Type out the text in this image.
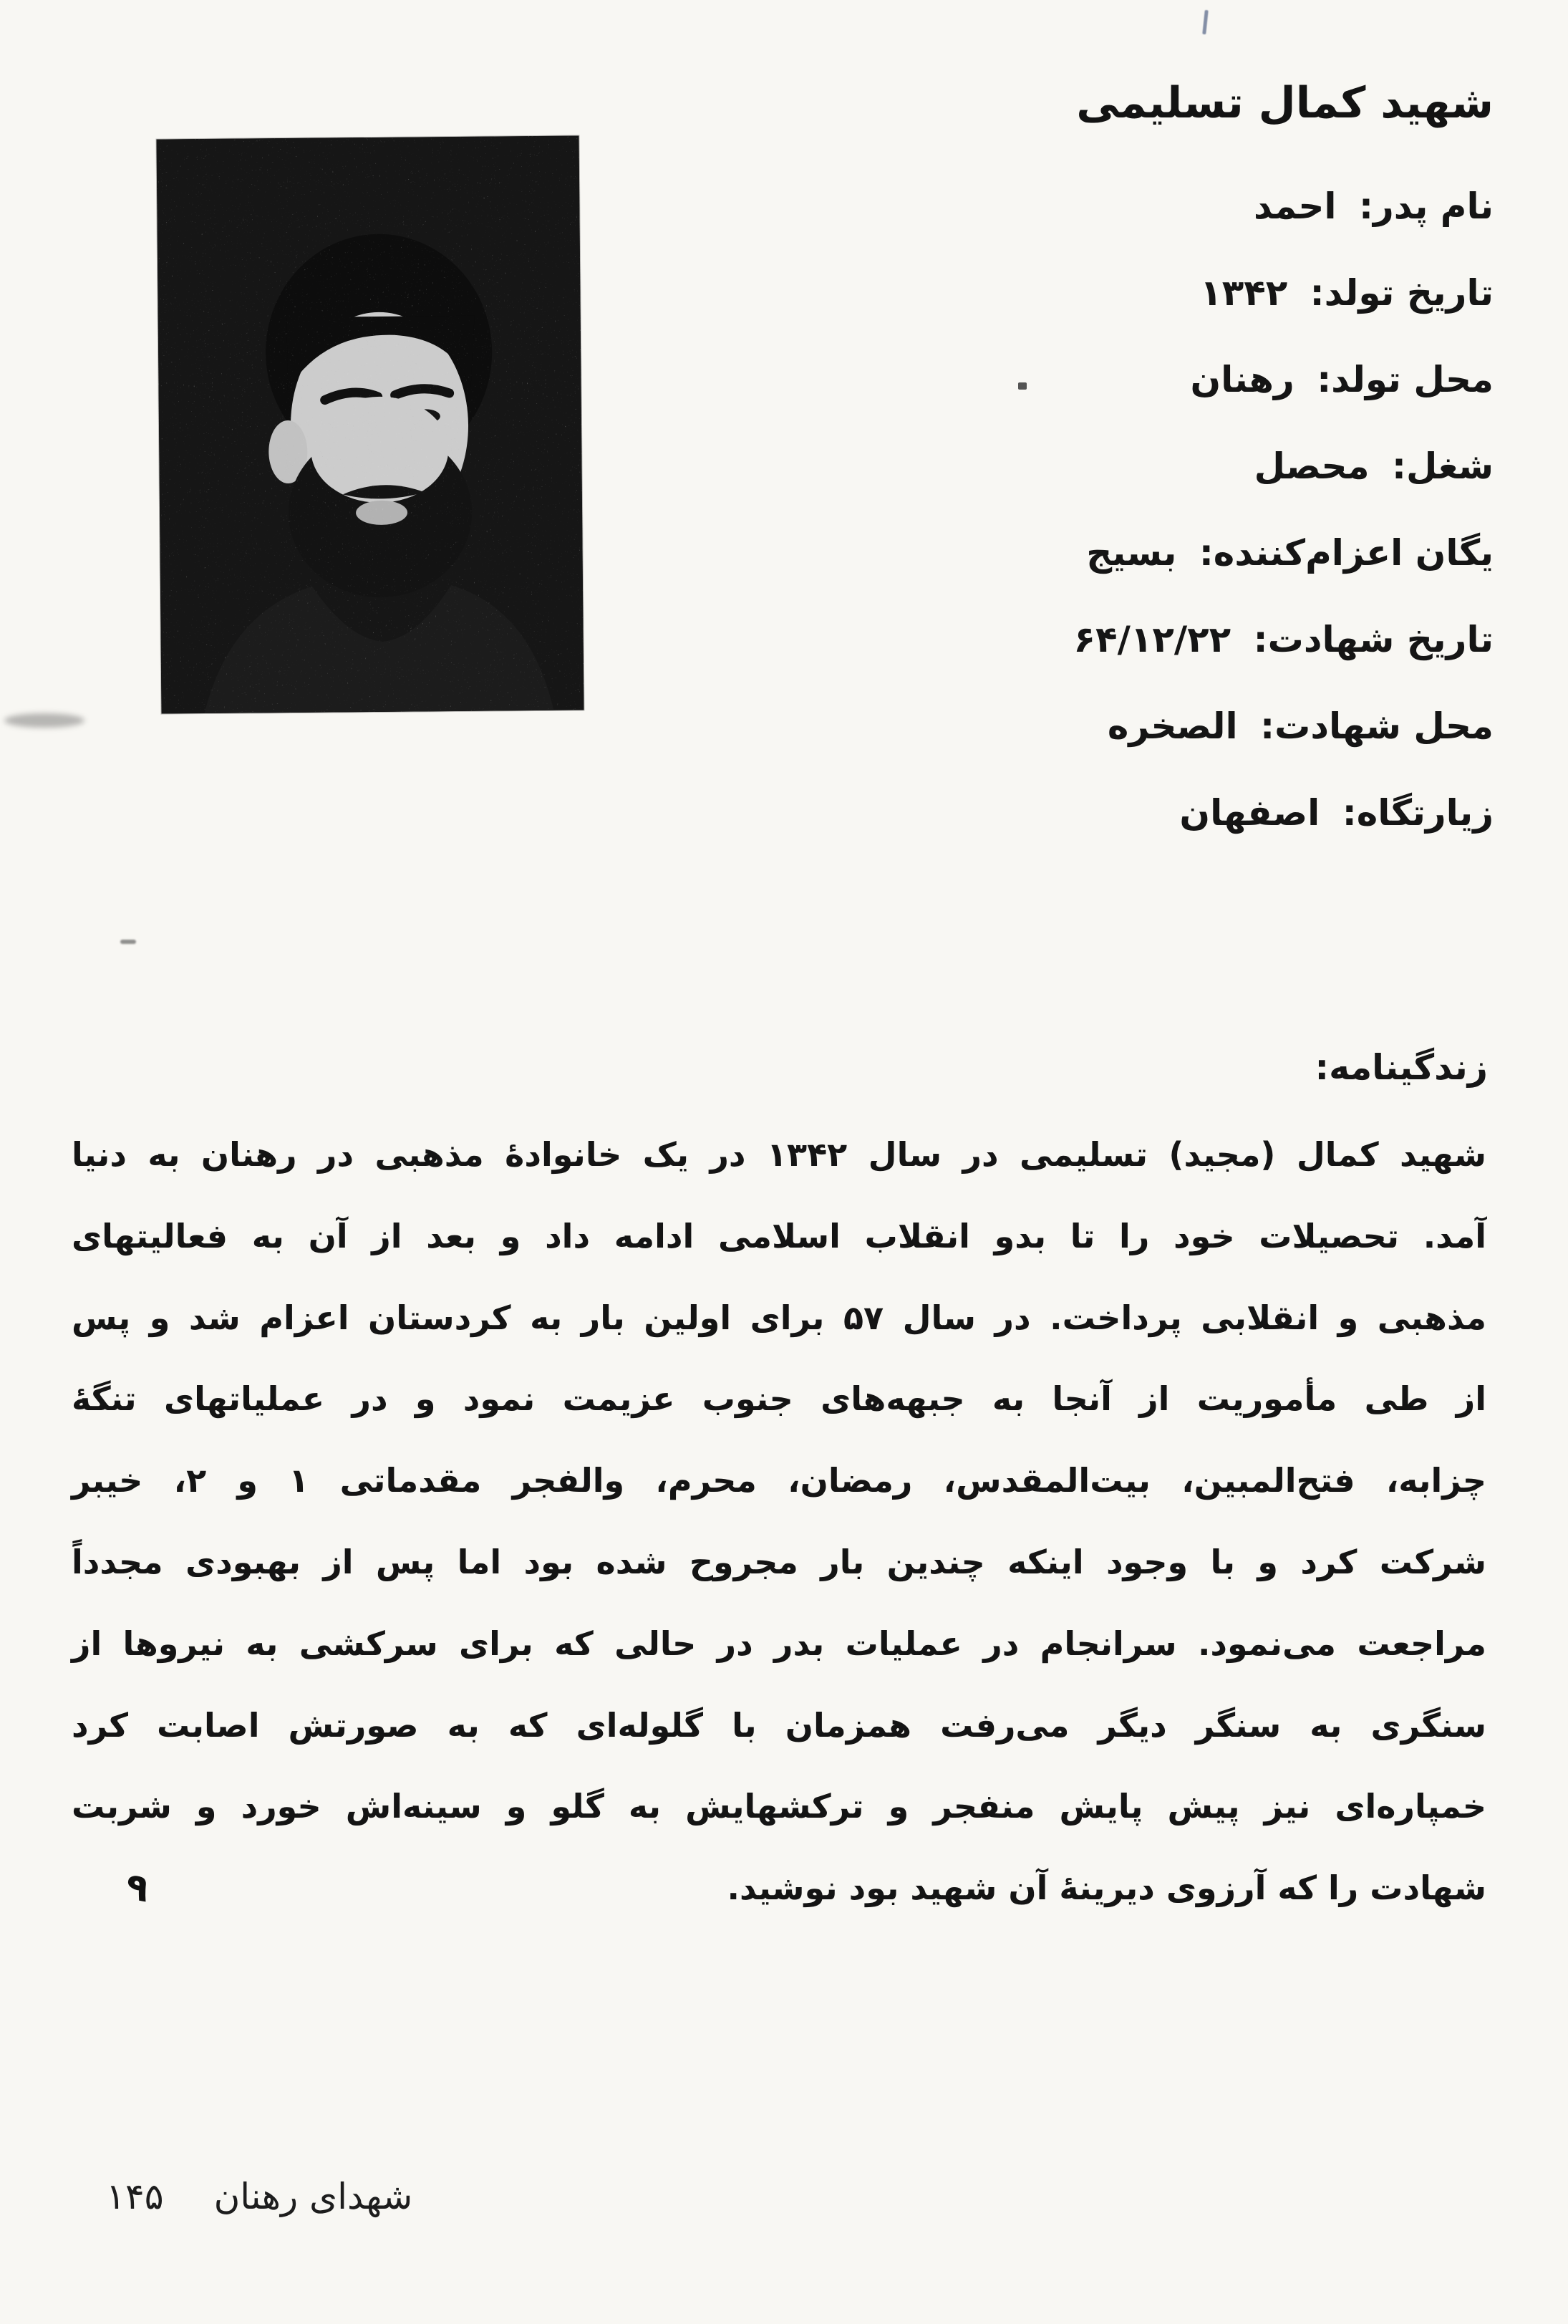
شهید کمال تسلیمی
نام پدر: احمد
تاریخ تولد: ۱۳۴۲
محل تولد: رهنان
شغل: محصل
یگان اعزام‌کننده: بسیج
تاریخ شهادت: ۶۴/۱۲/۲۲
محل شهادت: الصخره
زیارتگاه: اصفهان
زندگینامه:
شهید کمال (مجید) تسلیمی در سال ۱۳۴۲ در یک خانوادۀ مذهبی در رهنان به دنیا
آمد. تحصیلات خود را تا بدو انقلاب اسلامی ادامه داد و بعد از آن به فعالیتهای
مذهبی و انقلابی پرداخت. در سال ۵۷ برای اولین بار به کردستان اعزام شد و پس
از طی مأموریت از آنجا به جبهه‌های جنوب عزیمت نمود و در عملیاتهای تنگۀ
چزابه، فتح‌المبین، بیت‌المقدس، رمضان، محرم، والفجر مقدماتی ۱ و ۲، خیبر
شرکت کرد و با وجود اینکه چندین بار مجروح شده بود اما پس از بهبودی مجدداً
مراجعت می‌نمود. سرانجام در عملیات بدر در حالی که برای سرکشی به نیروها از
سنگری به سنگر دیگر می‌رفت همزمان با گلوله‌ای که به صورتش اصابت کرد
خمپاره‌ای نیز پیش پایش منفجر و ترکشهایش به گلو و سینه‌اش خورد و شربت
شهادت را که آرزوی دیرینۀ آن شهید بود نوشید.
شهدای رهنان
۱۴۵
۹
